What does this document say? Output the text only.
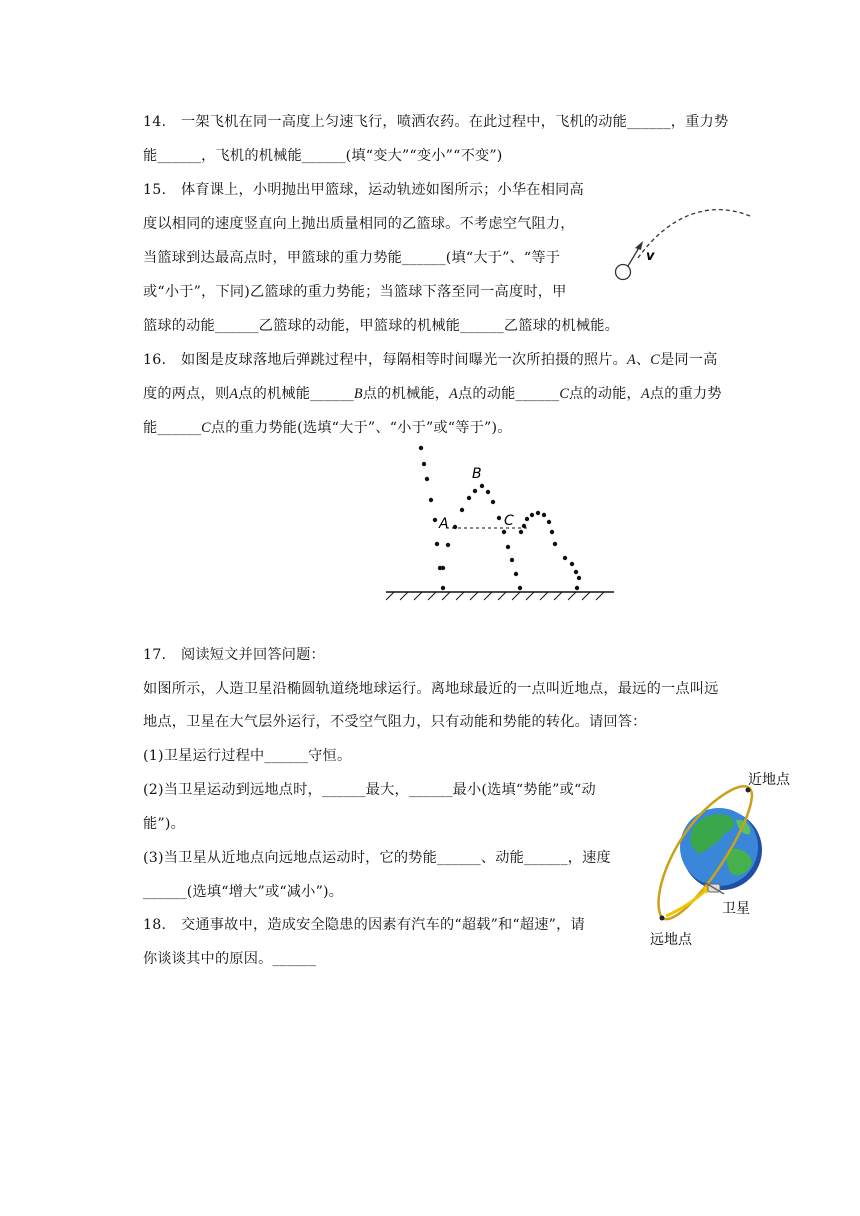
14. 一架飞机在同一高度上匀速飞行，喷洒农药。在此过程中，飞机的动能______，重力势
能______，飞机的机械能______(填“变大”“变小”“不变”)
15. 体育课上，小明抛出甲篮球，运动轨迹如图所示；小华在相同高
度以相同的速度竖直向上抛出质量相同的乙篮球。不考虑空气阻力，
当篮球到达最高点时，甲篮球的重力势能______(填“大于”、“等于
或“小于”，下同)乙篮球的重力势能；当篮球下落至同一高度时，甲
篮球的动能______乙篮球的动能，甲篮球的机械能______乙篮球的机械能。
v
16. 如图是皮球落地后弹跳过程中，每隔相等时间曝光一次所拍摄的照片。A、C是同一高
度的两点，则A点的机械能______B点的机械能，A点的动能______C点的动能，A点的重力势
能______C点的重力势能(选填“大于”、“小于”或“等于”)。
A
B
C
17. 阅读短文并回答问题：
如图所示，人造卫星沿椭圆轨道绕地球运行。离地球最近的一点叫近地点，最远的一点叫远
地点，卫星在大气层外运行，不受空气阻力，只有动能和势能的转化。请回答：
(1)卫星运行过程中______守恒。
(2)当卫星运动到远地点时，______最大，______最小(选填“势能”或“动
能”)。
(3)当卫星从近地点向远地点运动时，它的势能______、动能______，速度
______(选填“增大”或“减小”)。
近地点
卫星
远地点
18. 交通事故中，造成安全隐患的因素有汽车的“超载”和“超速”，请
你谈谈其中的原因。______
